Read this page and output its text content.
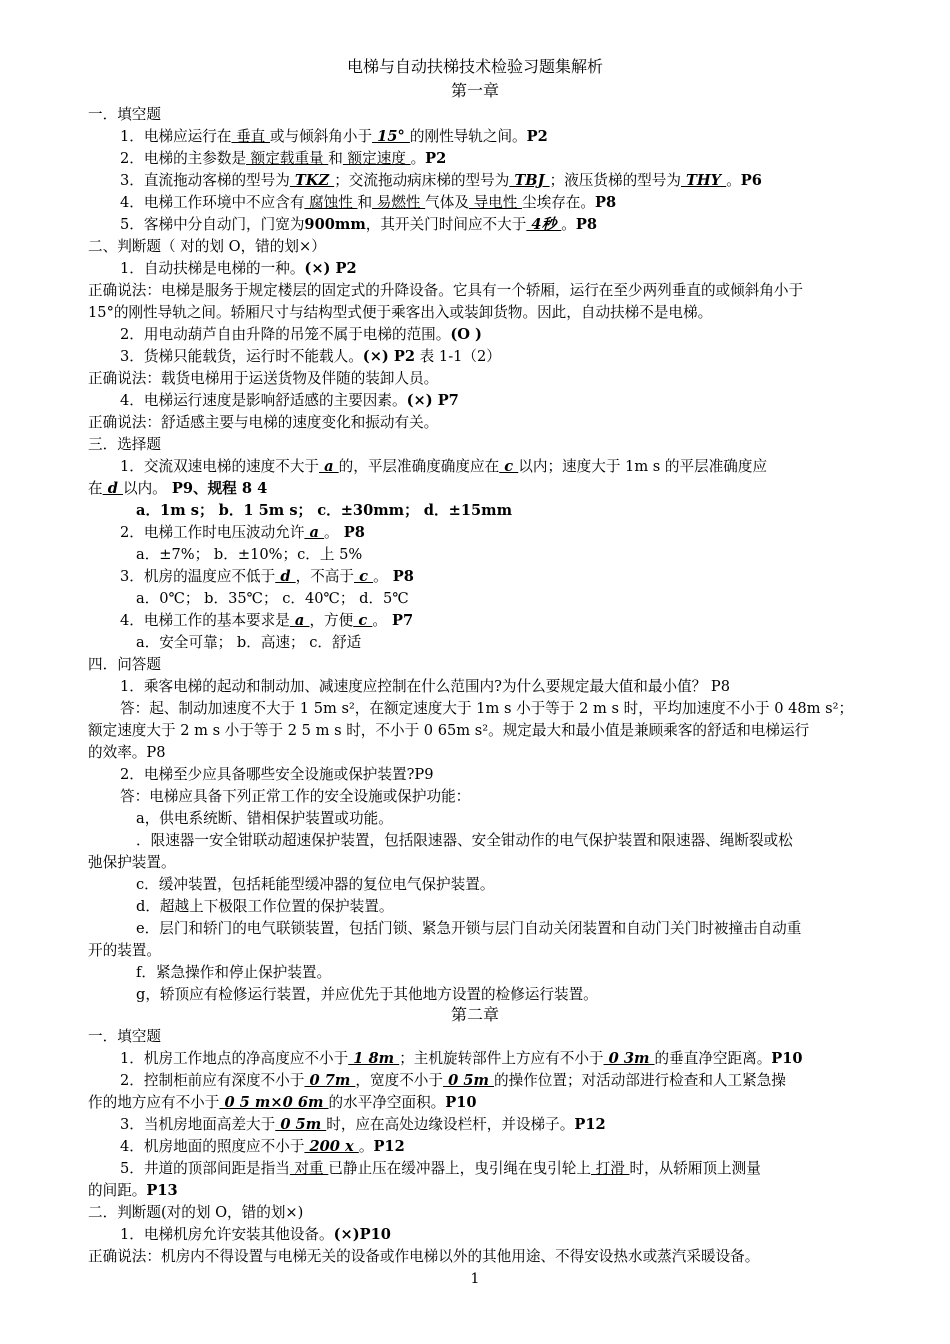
电梯与自动扶梯技术检验习题集解析
第一章
一．填空题
1．电梯应运行在 垂直 或与倾斜角小于 15° 的刚性导轨之间。P2
2．电梯的主参数是 额定载重量 和 额定速度 。P2
3．直流拖动客梯的型号为 TKZ ；交流拖动病床梯的型号为 TBJ ；液压货梯的型号为 THY 。P6
4．电梯工作环境中不应含有 腐蚀性 和 易燃性 气体及 导电性 尘埃存在。P8
5．客梯中分自动门，门宽为900mm，其开关门时间应不大于 4秒 。P8
二、判断题（ 对的划 O，错的划×）
1．自动扶梯是电梯的一种。(×) P2
正确说法：电梯是服务于规定楼层的固定式的升降设备。它具有一个轿厢，运行在至少两列垂直的或倾斜角小于
15°的刚性导轨之间。轿厢尺寸与结构型式便于乘客出入或装卸货物。因此，自动扶梯不是电梯。
2．用电动葫芦自由升降的吊笼不属于电梯的范围。(O )
3．货梯只能载货，运行时不能载人。(×) P2 表 1-1（2）
正确说法：载货电梯用于运送货物及伴随的装卸人员。
4．电梯运行速度是影响舒适感的主要因素。(×) P7
正确说法：舒适感主要与电梯的速度变化和振动有关。
三．选择题
1．交流双速电梯的速度不大于 a 的，平层准确度确度应在 c 以内；速度大于 1m s 的平层准确度应
在 d 以内。 P9、规程 8 4
a．1m s； b．1 5m s； c．±30mm； d．±15mm
2．电梯工作时电压波动允许 a 。 P8
a．±7%； b．±10%；c．上 5%
3．机房的温度应不低于 d ，不高于 c 。 P8
a．0℃； b．35℃； c．40℃； d．5℃
4．电梯工作的基本要求是 a ，方便 c 。 P7
a．安全可靠； b．高速； c．舒适
四．问答题
1．乘客电梯的起动和制动加、减速度应控制在什么范围内?为什么要规定最大值和最小值？ P8
答：起、制动加速度不大于 1 5m s²，在额定速度大于 1m s 小于等于 2 m s 时，平均加速度不小于 0 48m s²；
额定速度大于 2 m s 小于等于 2 5 m s 时，不小于 0 65m s²。规定最大和最小值是兼顾乘客的舒适和电梯运行
的效率。P8
2．电梯至少应具备哪些安全设施或保护装置?P9
答：电梯应具备下列正常工作的安全设施或保护功能：
a，供电系统断、错相保护装置或功能。
．限速器一安全钳联动超速保护装置，包括限速器、安全钳动作的电气保护装置和限速器、绳断裂或松
弛保护装置。
c．缓冲装置，包括耗能型缓冲器的复位电气保护装置。
d．超越上下极限工作位置的保护装置。
e．层门和轿门的电气联锁装置，包括门锁、紧急开锁与层门自动关闭装置和自动门关门时被撞击自动重
开的装置。
f．紧急操作和停止保护装置。
g，轿顶应有检修运行装置，并应优先于其他地方设置的检修运行装置。
第二章
一．填空题
1．机房工作地点的净高度应不小于 1 8m ；主机旋转部件上方应有不小于 0 3m 的垂直净空距离。P10
2．控制柜前应有深度不小于 0 7m ，宽度不小于 0 5m 的操作位置；对活动部进行检查和人工紧急操
作的地方应有不小于 0 5 m×0 6m 的水平净空面积。P10
3．当机房地面高差大于 0 5m 时，应在高处边缘设栏杆，并设梯子。P12
4．机房地面的照度应不小于 200 x 。P12
5．井道的顶部间距是指当 对重 已静止压在缓冲器上，曳引绳在曳引轮上 打滑 时，从轿厢顶上测量
的间距。P13
二．判断题(对的划 O，错的划×)
1．电梯机房允许安装其他设备。(×)P10
正确说法：机房内不得设置与电梯无关的设备或作电梯以外的其他用途、不得安设热水或蒸汽采暖设备。
1
